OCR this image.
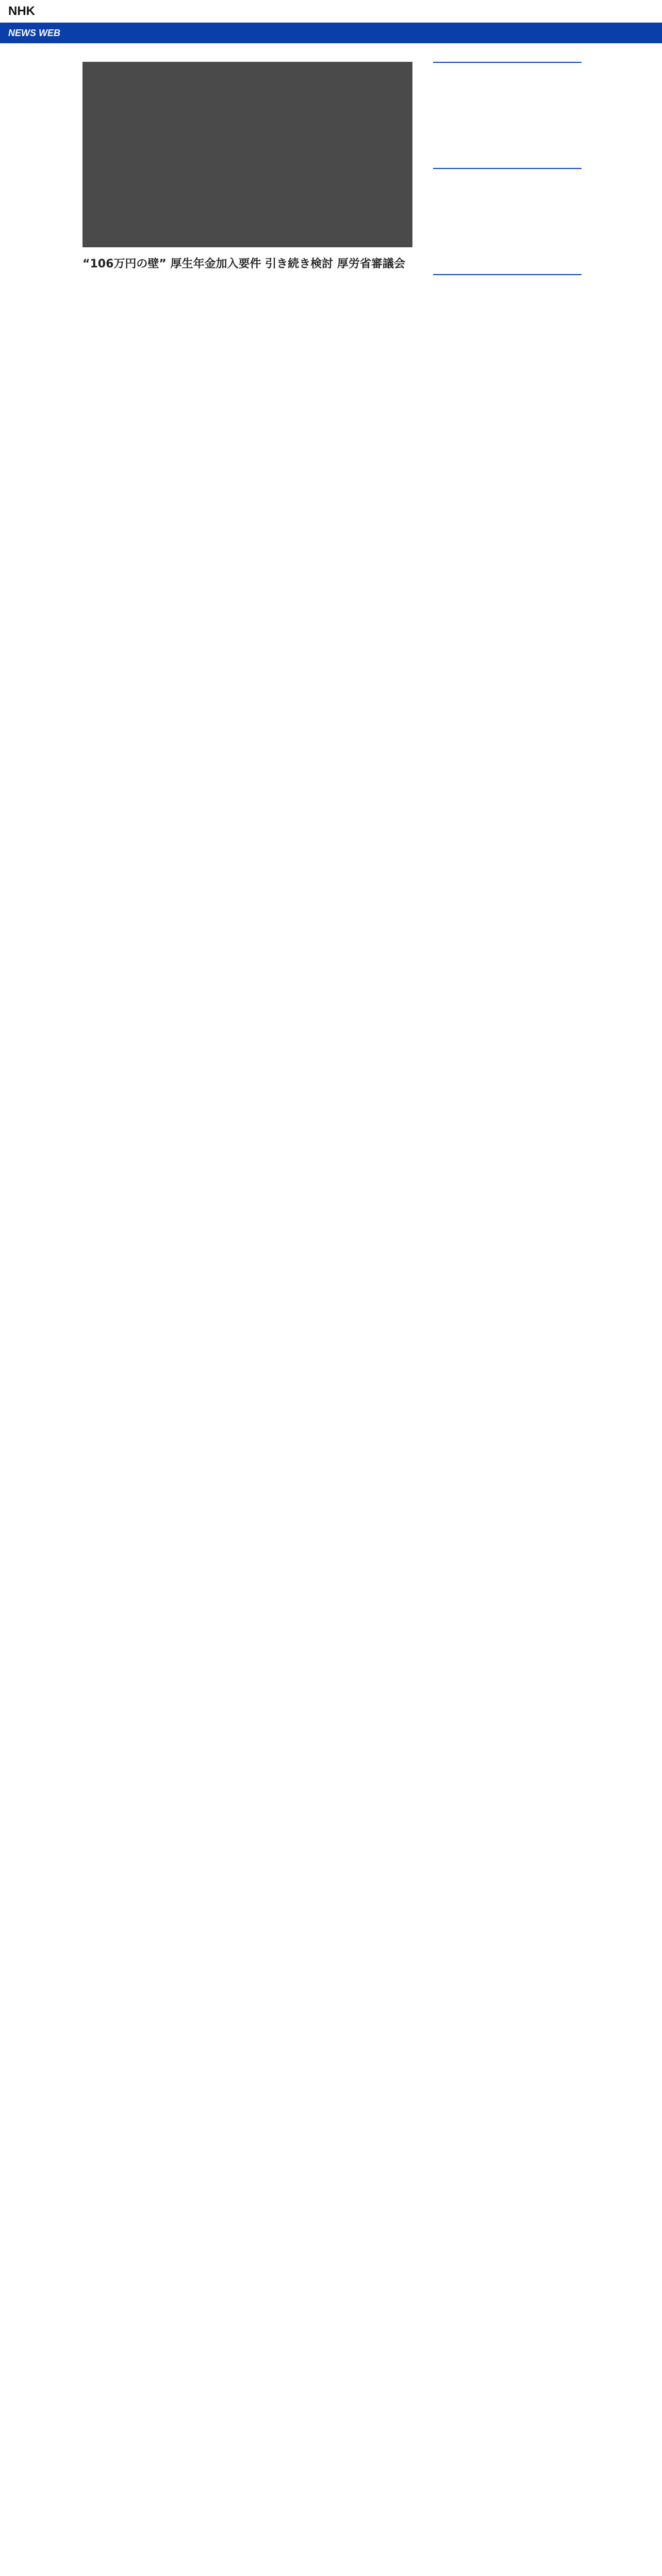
NHK
NEWS WEB
“106万円の壁” 厚生年金加入要件 引き続き検討 厚労省審議会
